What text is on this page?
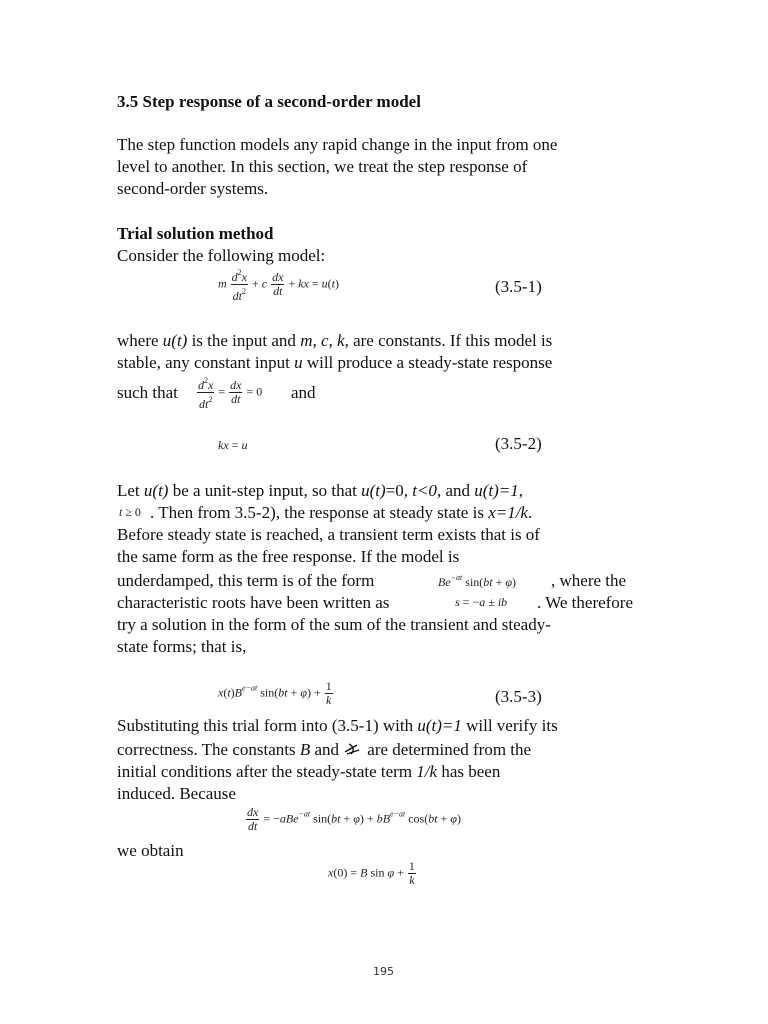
3.5 Step response of a second-order model
The step function models any rapid change in the input from one
level to another. In this section, we treat the step response of
second-order systems.
Trial solution method
Consider the following model:
m $\frac{d^2x}{dt^2} + c \frac{dx}{dt}$ + kx = u(t)	(3.5-1)
where u(t) is the input and m, c, k, are constants. If this model is
stable, any constant input u will produce a steady-state response
such that $\frac{d^2x}{dt^2} = \frac{dx}{dt} = 0$ and
kx = u	(3.5-2)
Let u(t) be a unit-step input, so that u(t)=0, t<0, and u(t)=1,
t ≥ 0 . Then from 3.5-2), the response at steady state is x=1/k.
Before steady state is reached, a transient term exists that is of
the same form as the free response. If the model is
underdamped, this term is of the form	$Be^{-at}$ sin(bt + φ) , where the
characteristic roots have been written as	s = −a ± ib . We therefore
try a solution in the form of the sum of the transient and steady-
state forms; that is,
$x(t)B^{e-at}$ $\sin(bt + \varphi) + \frac{1}{k}$	(3.5-3)
Substituting this trial form into (3.5-1) with u(t)=1 will verify its
correctness. The constants B and are determined from the
initial conditions after the steady-state term 1/k has been
induced. Because
$\frac{dx}{dt} = -aBe^{-at}$ $\sin(bt + \varphi) + bB^{e-at}$ cos(bt + φ)
we obtain
x(0) = B $\sin \varphi + \frac{1}{k}$
195
